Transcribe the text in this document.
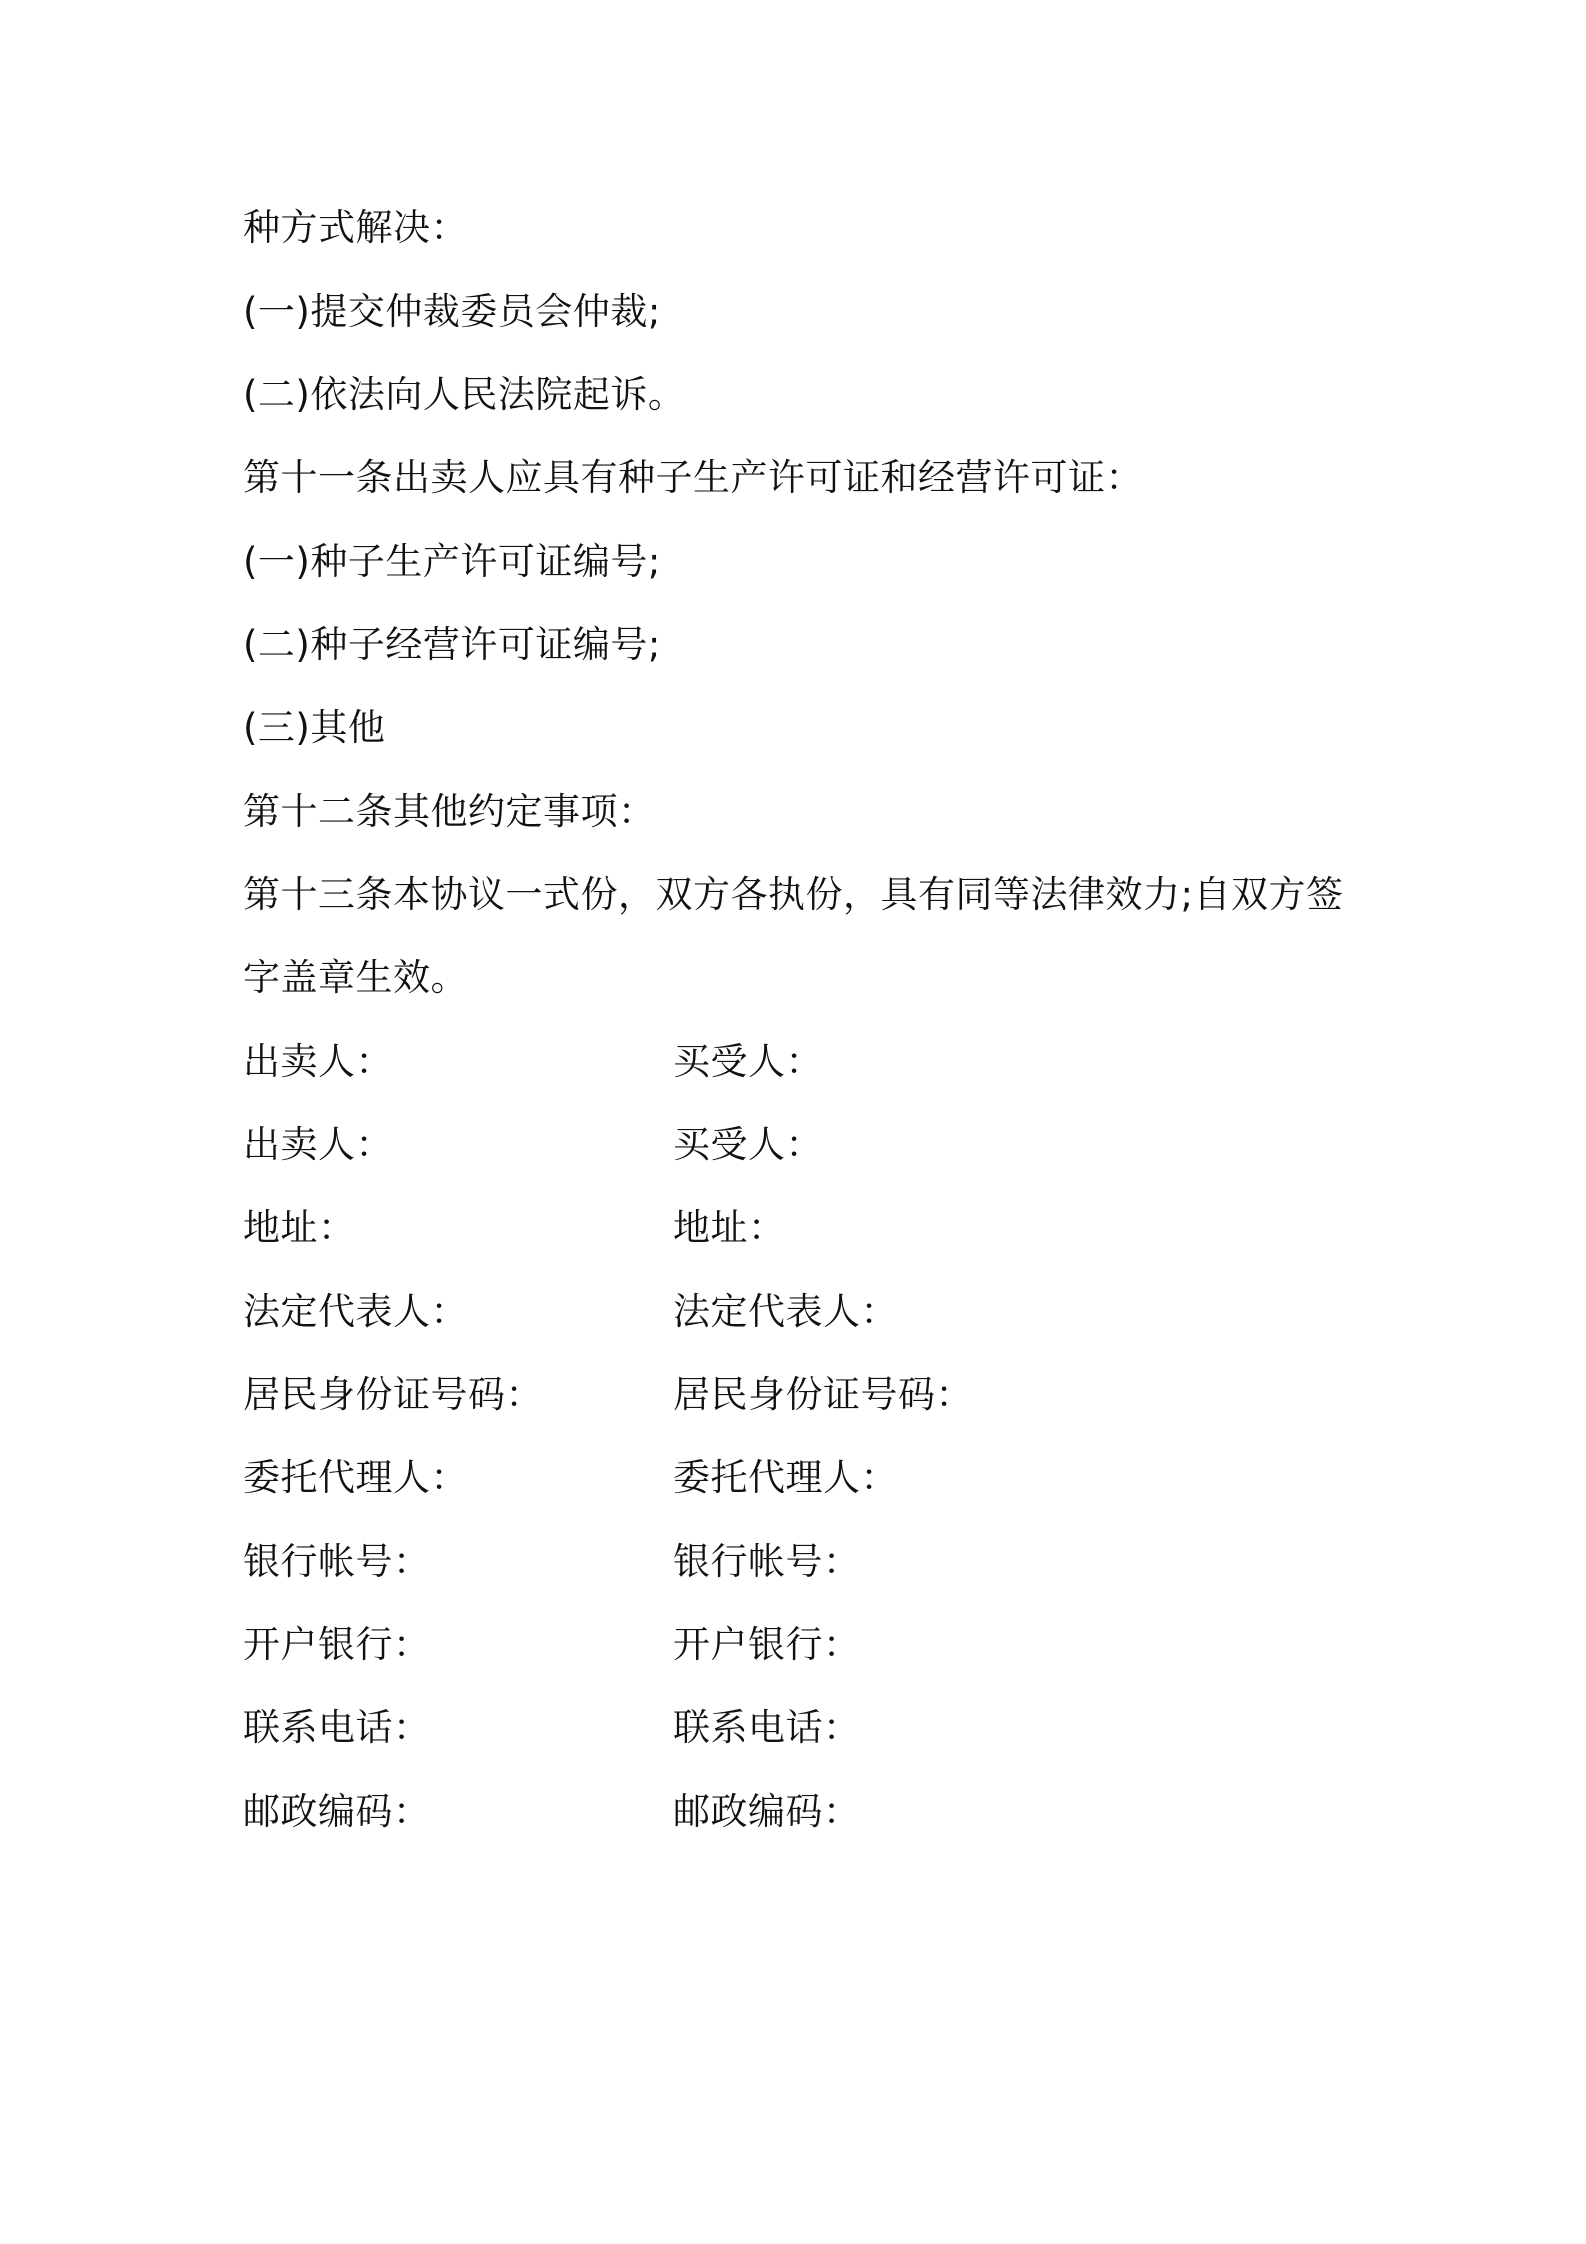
种方式解决：
(一)提交仲裁委员会仲裁;
(二)依法向人民法院起诉。
第十一条出卖人应具有种子生产许可证和经营许可证：
(一)种子生产许可证编号;
(二)种子经营许可证编号;
(三)其他
第十二条其他约定事项：
第十三条本协议一式份，双方各执份，具有同等法律效力;自双方签
字盖章生效。
出卖人：	买受人：
出卖人：	买受人：
地址：	地址：
法定代表人：	法定代表人：
居民身份证号码：	居民身份证号码：
委托代理人：	委托代理人：
银行帐号：	银行帐号：
开户银行：	开户银行：
联系电话：	联系电话：
邮政编码：	邮政编码：
